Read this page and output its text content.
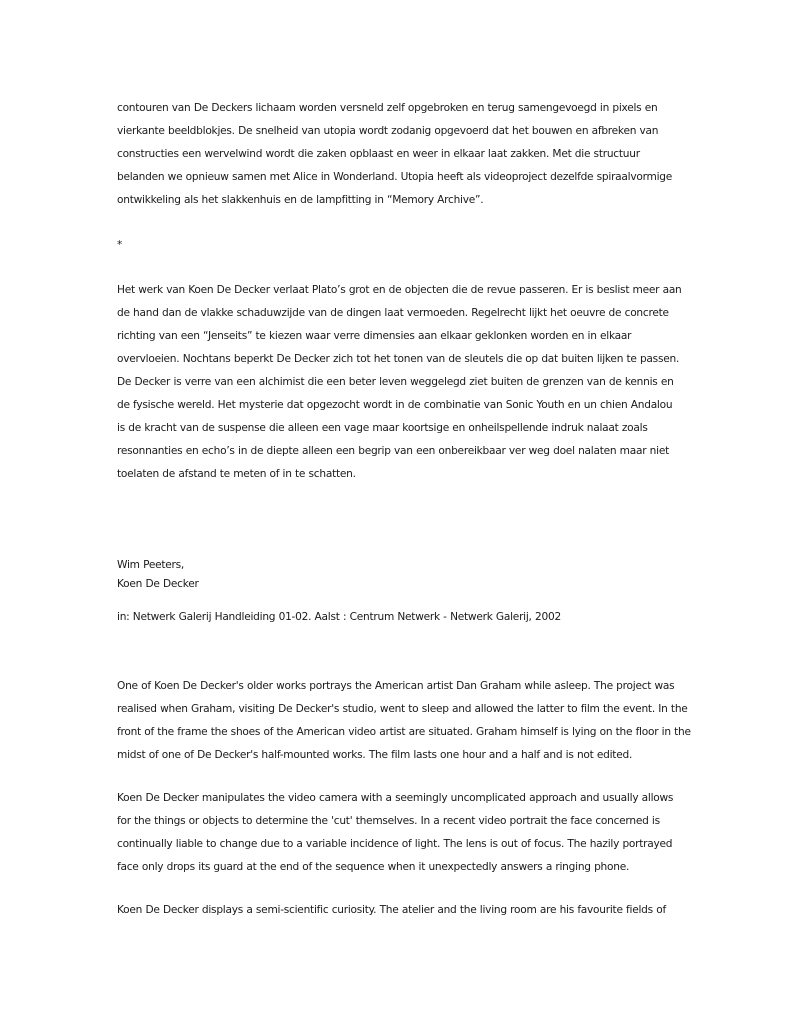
contouren van De Deckers lichaam worden versneld zelf opgebroken en terug samengevoegd in pixels en

vierkante beeldblokjes. De snelheid van utopia wordt zodanig opgevoerd dat het bouwen en afbreken van

constructies een wervelwind wordt die zaken opblaast en weer in elkaar laat zakken. Met die structuur

belanden we opnieuw samen met Alice in Wonderland. Utopia heeft als videoproject dezelfde spiraalvormige

ontwikkeling als het slakkenhuis en de lampfitting in “Memory Archive”.

*

Het werk van Koen De Decker verlaat Plato’s grot en de objecten die de revue passeren. Er is beslist meer aan

de hand dan de vlakke schaduwzijde van de dingen laat vermoeden. Regelrecht lijkt het oeuvre de concrete

richting van een “Jenseits” te kiezen waar verre dimensies aan elkaar geklonken worden en in elkaar

overvloeien. Nochtans beperkt De Decker zich tot het tonen van de sleutels die op dat buiten lijken te passen.

De Decker is verre van een alchimist die een beter leven weggelegd ziet buiten de grenzen van de kennis en

de fysische wereld. Het mysterie dat opgezocht wordt in de combinatie van Sonic Youth en un chien Andalou

is de kracht van de suspense die alleen een vage maar koortsige en onheilspellende indruk nalaat zoals

resonnanties en echo’s in de diepte alleen een begrip van een onbereikbaar ver weg doel nalaten maar niet

toelaten de afstand te meten of in te schatten.

Wim Peeters,

Koen De Decker

in: Netwerk Galerij Handleiding 01-02. Aalst : Centrum Netwerk - Netwerk Galerij, 2002

One of Koen De Decker's older works portrays the American artist Dan Graham while asleep. The project was

realised when Graham, visiting De Decker's studio, went to sleep and allowed the latter to film the event. In the

front of the frame the shoes of the American video artist are situated. Graham himself is lying on the floor in the

midst of one of De Decker's half-mounted works. The film lasts one hour and a half and is not edited.

Koen De Decker manipulates the video camera with a seemingly uncomplicated approach and usually allows

for the things or objects to determine the 'cut' themselves. In a recent video portrait the face concerned is

continually liable to change due to a variable incidence of light. The lens is out of focus. The hazily portrayed

face only drops its guard at the end of the sequence when it unexpectedly answers a ringing phone.

Koen De Decker displays a semi-scientific curiosity. The atelier and the living room are his favourite fields of
